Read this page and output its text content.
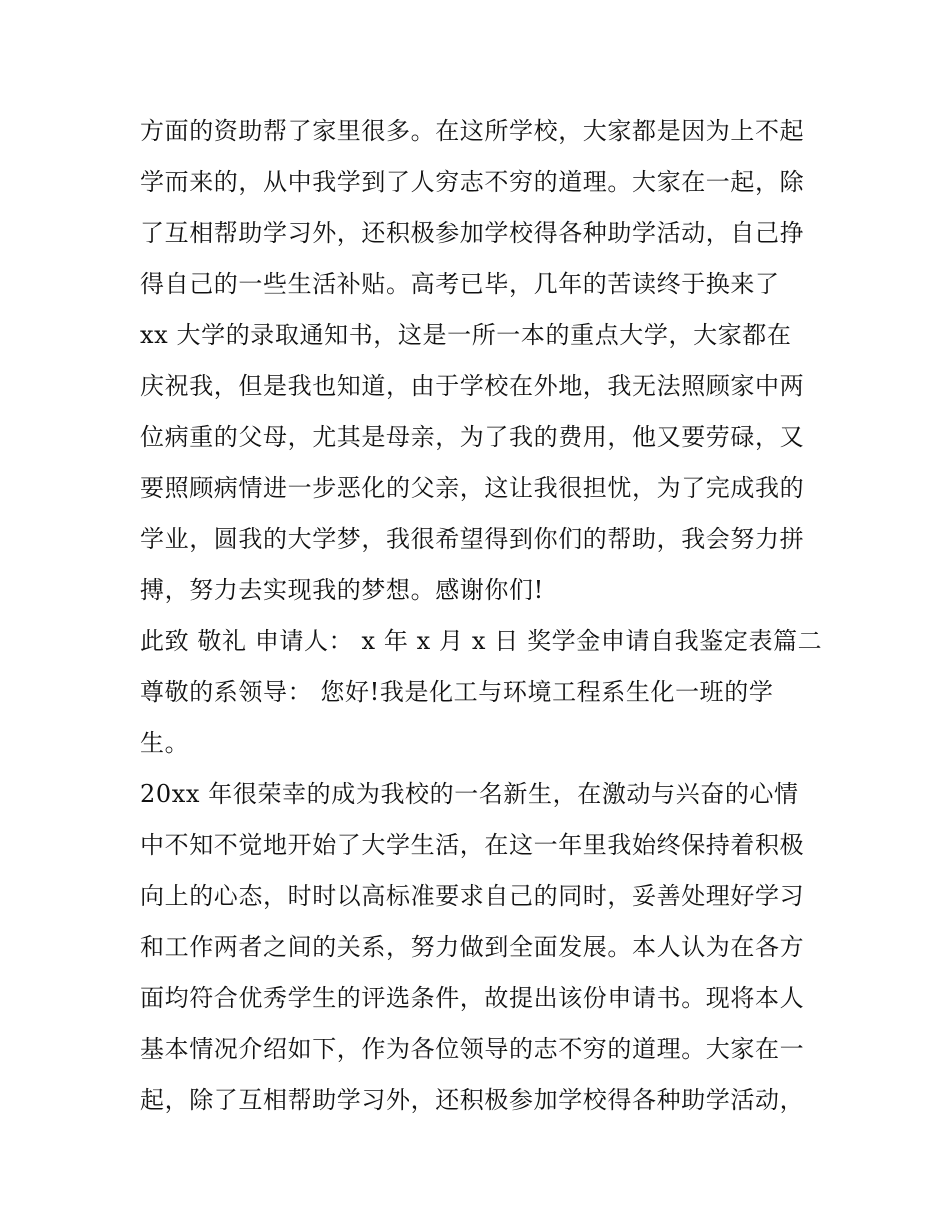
方面的资助帮了家里很多。在这所学校，大家都是因为上不起
学而来的，从中我学到了人穷志不穷的道理。大家在一起，除
了互相帮助学习外，还积极参加学校得各种助学活动，自己挣
得自己的一些生活补贴。高考已毕，几年的苦读终于换来了
xx 大学的录取通知书，这是一所一本的重点大学，大家都在
庆祝我，但是我也知道，由于学校在外地，我无法照顾家中两
位病重的父母，尤其是母亲，为了我的费用，他又要劳碌，又
要照顾病情进一步恶化的父亲，这让我很担忧，为了完成我的
学业，圆我的大学梦，我很希望得到你们的帮助，我会努力拼
搏，努力去实现我的梦想。感谢你们!
此致 敬礼 申请人： x 年 x 月 x 日 奖学金申请自我鉴定表篇二
尊敬的系领导： 您好!我是化工与环境工程系生化一班的学
生。
20xx 年很荣幸的成为我校的一名新生，在激动与兴奋的心情
中不知不觉地开始了大学生活，在这一年里我始终保持着积极
向上的心态，时时以高标准要求自己的同时，妥善处理好学习
和工作两者之间的关系，努力做到全面发展。本人认为在各方
面均符合优秀学生的评选条件，故提出该份申请书。现将本人
基本情况介绍如下，作为各位领导的志不穷的道理。大家在一
起，除了互相帮助学习外，还积极参加学校得各种助学活动，
